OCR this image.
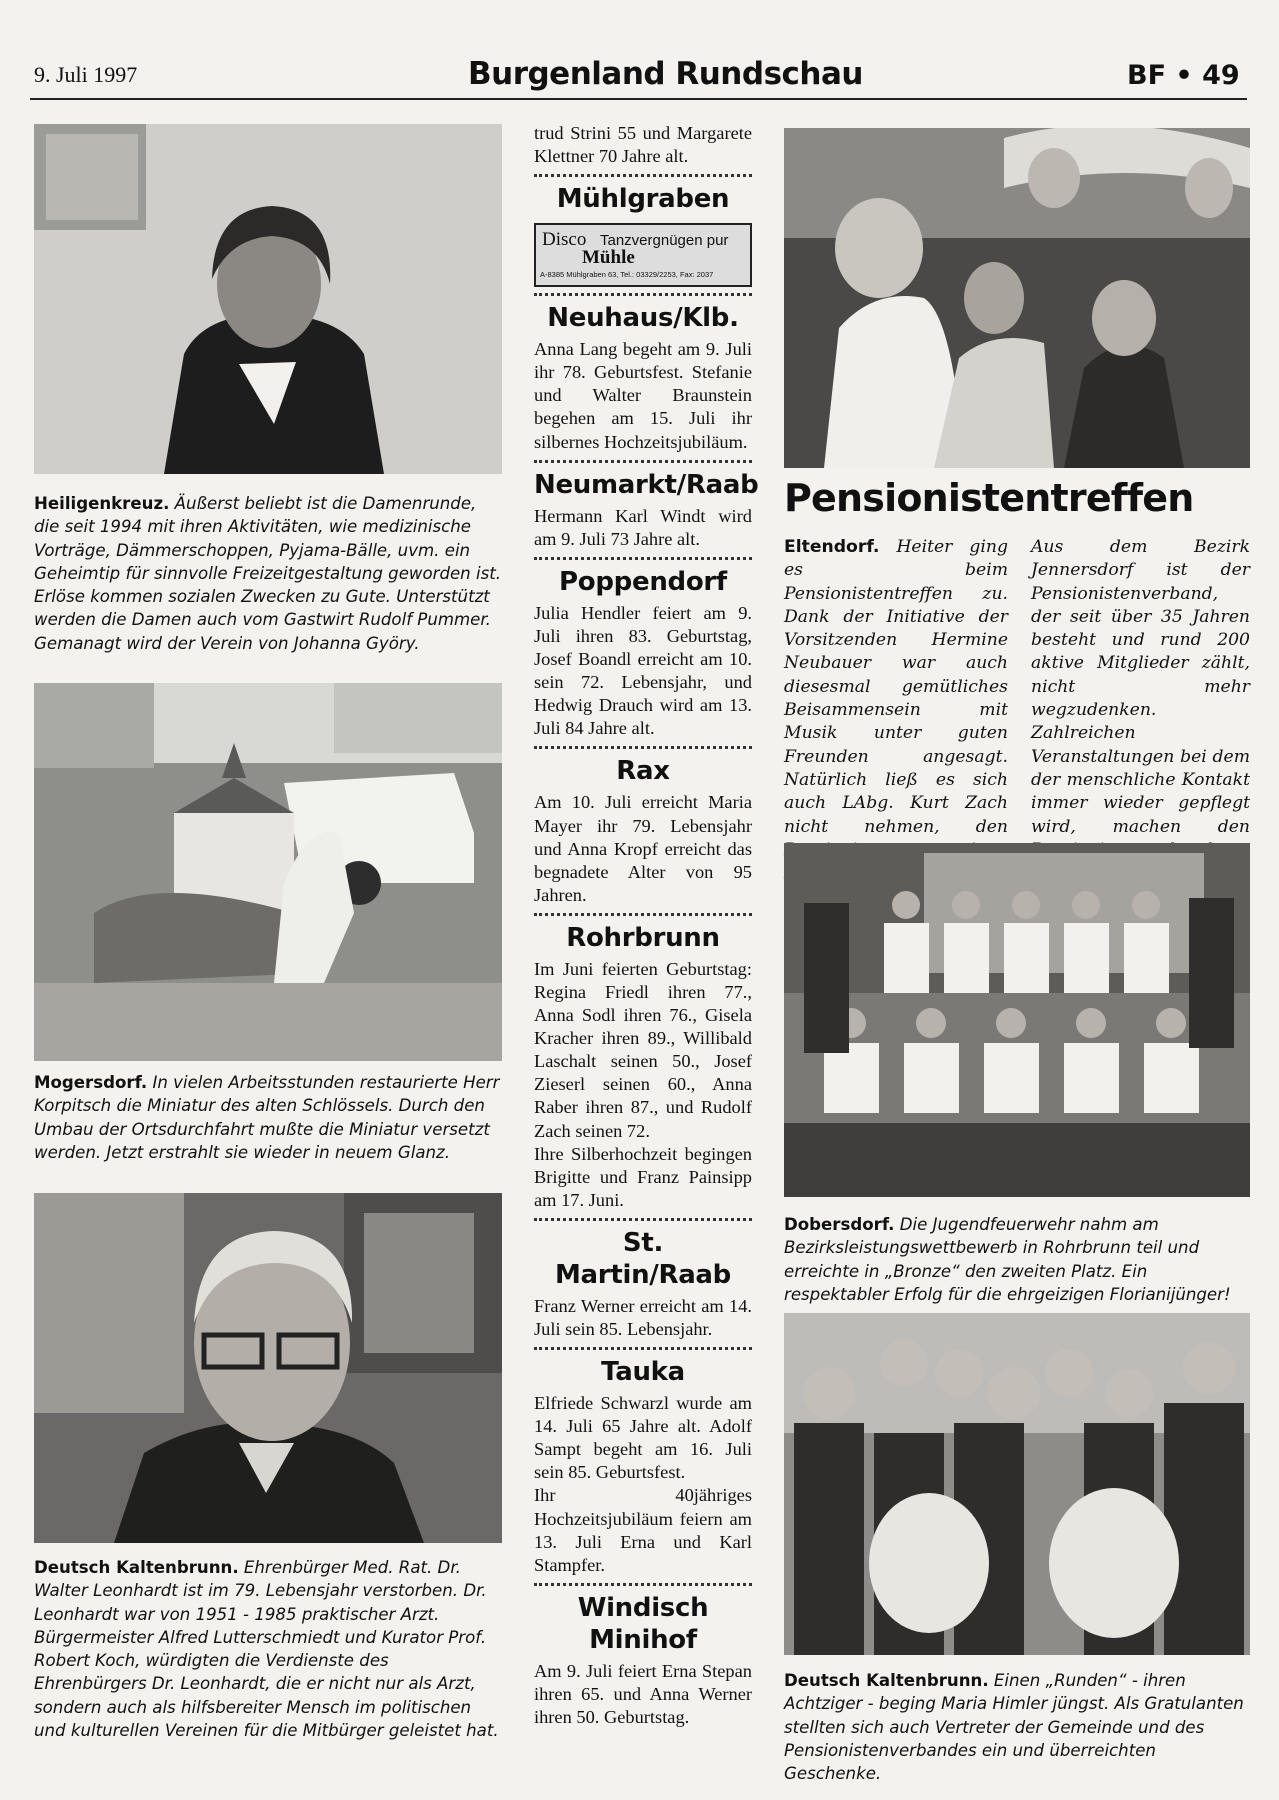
9. Juli 1997	Burgenland Rundschau	BF • 49
Heiligenkreuz. Äußerst beliebt ist die Damenrunde, die seit 1994 mit ihren Aktivitäten, wie medizinische Vorträge, Dämmerschoppen, Pyjama-Bälle, uvm. ein Geheimtip für sinnvolle Freizeitgestaltung geworden ist. Erlöse kommen sozialen Zwecken zu Gute. Unterstützt werden die Damen auch vom Gastwirt Rudolf Pummer. Gemanagt wird der Verein von Johanna Györy.
Mogersdorf. In vielen Arbeitsstunden restaurierte Herr Korpitsch die Miniatur des alten Schlössels. Durch den Umbau der Ortsdurchfahrt mußte die Miniatur versetzt werden. Jetzt erstrahlt sie wieder in neuem Glanz.
Deutsch Kaltenbrunn. Ehrenbürger Med. Rat. Dr. Walter Leonhardt ist im 79. Lebensjahr verstorben. Dr. Leonhardt war von 1951 - 1985 praktischer Arzt. Bürgermeister Alfred Lutterschmiedt und Kurator Prof. Robert Koch, würdigten die Verdienste des Ehrenbürgers Dr. Leonhardt, die er nicht nur als Arzt, sondern auch als hilfsbereiter Mensch im politischen und kulturellen Vereinen für die Mitbürger geleistet hat.

trud Strini 55 und Margarete Klettner 70 Jahre alt.

Mühlgraben
Disco Tanzvergnügen pur
Mühle
A-8385 Mühlgraben 63, Tel.: 03329/2253, Fax: 2037
Neuhaus/Klb.

Anna Lang begeht am 9. Juli ihr 78. Geburtsfest. Stefanie und Walter Braunstein begehen am 15. Juli ihr silbernes Hochzeitsjubiläum.

Neumarkt/Raab

Hermann Karl Windt wird am 9. Juli 73 Jahre alt.

Poppendorf

Julia Hendler feiert am 9. Juli ihren 83. Geburtstag, Josef Boandl erreicht am 10. sein 72. Lebensjahr, und Hedwig Drauch wird am 13. Juli 84 Jahre alt.

Rax

Am 10. Juli erreicht Maria Mayer ihr 79. Lebensjahr und Anna Kropf erreicht das begnadete Alter von 95 Jahren.

Rohrbrunn

Im Juni feierten Geburtstag: Regina Friedl ihren 77., Anna Sodl ihren 76., Gisela Kracher ihren 89., Willibald Laschalt seinen 50., Josef Zieserl seinen 60., Anna Raber ihren 87., und Rudolf Zach seinen 72.

Ihre Silberhochzeit begingen Brigitte und Franz Painsipp am 17. Juni.

St. Martin/Raab

Franz Werner erreicht am 14. Juli sein 85. Lebensjahr.

Tauka

Elfriede Schwarzl wurde am 14. Juli 65 Jahre alt. Adolf Sampt begeht am 16. Juli sein 85. Geburtsfest.

Ihr 40jähriges Hochzeitsjubiläum feiern am 13. Juli Erna und Karl Stampfer.

Windisch Minihof

Am 9. Juli feiert Erna Stepan ihren 65. und Anna Werner ihren 50. Geburtstag.

Pensionistentreffen
Eltendorf. Heiter ging es beim Pensionistentreffen zu. Dank der Initiative der Vorsitzenden Hermine Neubauer war auch diesesmal gemütliches Beisammensein mit Musik unter guten Freunden angesagt. Natürlich ließ es sich auch LAbg. Kurt Zach nicht nehmen, den
Aus dem Bezirk Jennersdorf ist der Pensionistenverband, der seit über 35 Jahren besteht und rund 200 aktive Mitglieder zählt, nicht mehr wegzudenken. Zahlreichen Veranstaltungen bei dem der menschliche Kontakt immer wieder gepflegt wird, machen den
Dobersdorf. Die Jugendfeuerwehr nahm am Bezirksleistungswettbewerb in Rohrbrunn teil und erreichte in „Bronze“ den zweiten Platz. Ein respektabler Erfolg für die ehrgeizigen Florianijünger!
Deutsch Kaltenbrunn. Einen „Runden“ - ihren Achtziger - beging Maria Himler jüngst. Als Gratulanten stellten sich auch Vertreter der Gemeinde und des Pensionistenverbandes ein und überreichten Geschenke.
